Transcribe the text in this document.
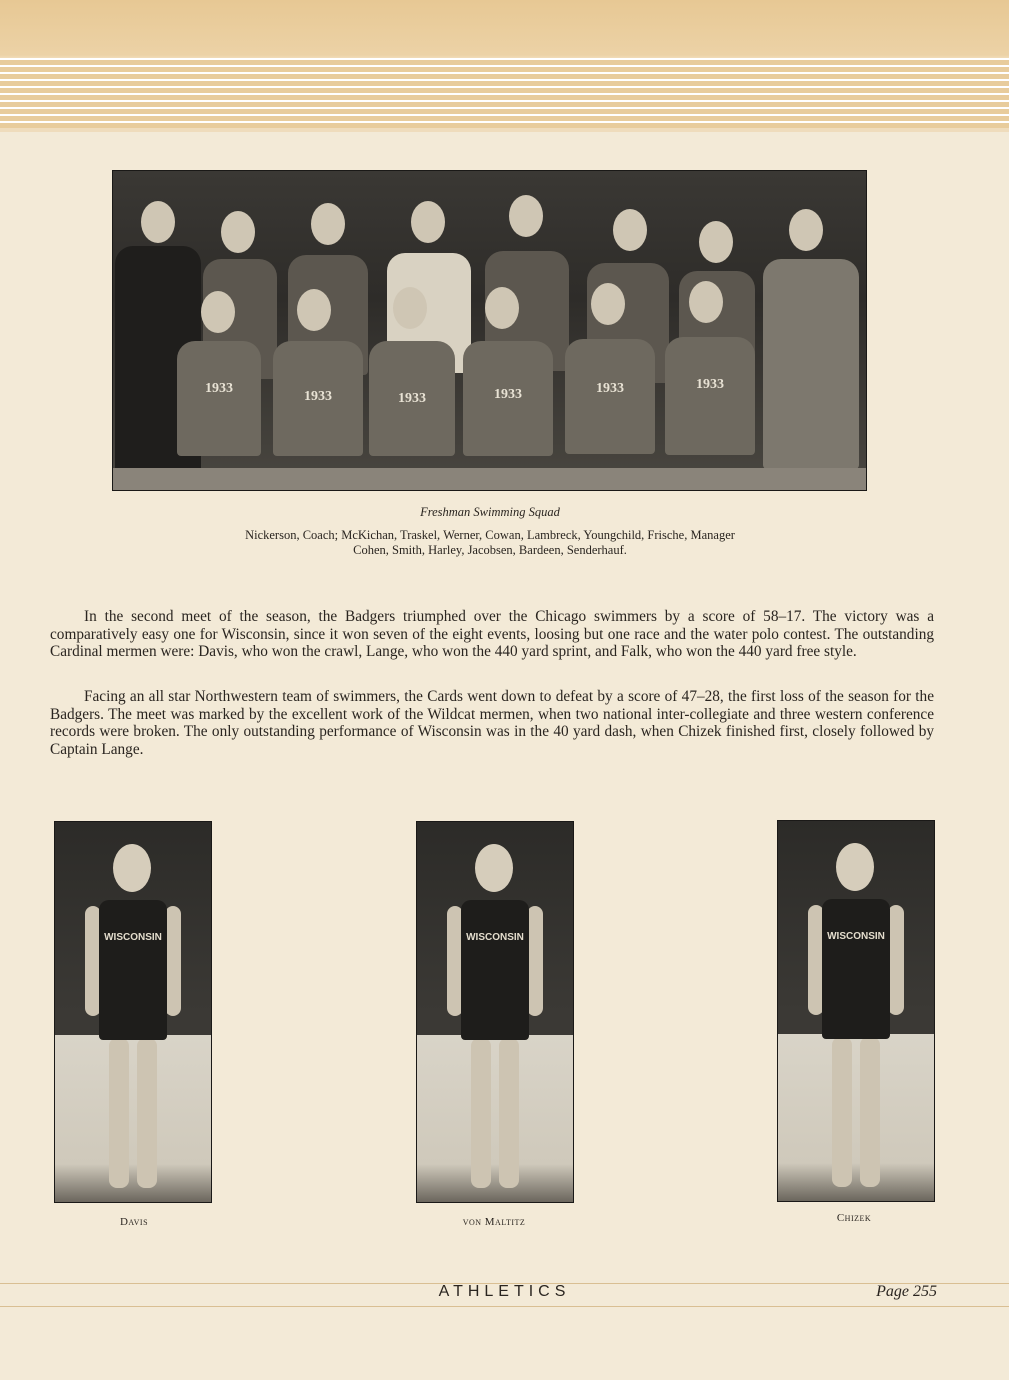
1933
1933	1933	1933	1933	1933
Freshman Swimming Squad
Nickerson, Coach; McKichan, Traskel, Werner, Cowan, Lambreck, Youngchild, Frische, Manager
Cohen, Smith, Harley, Jacobsen, Bardeen, Senderhauf.

In the second meet of the season, the Badgers triumphed over the Chicago swimmers by a score of 58–17. The victory was a comparatively easy one for Wisconsin, since it won seven of the eight events, loosing but one race and the water polo contest. The outstanding Cardinal mermen were: Davis, who won the crawl, Lange, who won the 440 yard sprint, and Falk, who won the 440 yard free style.

Facing an all star Northwestern team of swimmers, the Cards went down to defeat by a score of 47–28, the first loss of the season for the Badgers. The meet was marked by the excellent work of the Wildcat mermen, when two national inter-collegiate and three western conference records were broken. The only outstanding performance of Wisconsin was in the 40 yard dash, when Chizek finished first, closely followed by Captain Lange.

WISCONSIN	WISCONSIN	WISCONSIN
Davis	von Maltitz	Chizek
ATHLETICS	Page 255
